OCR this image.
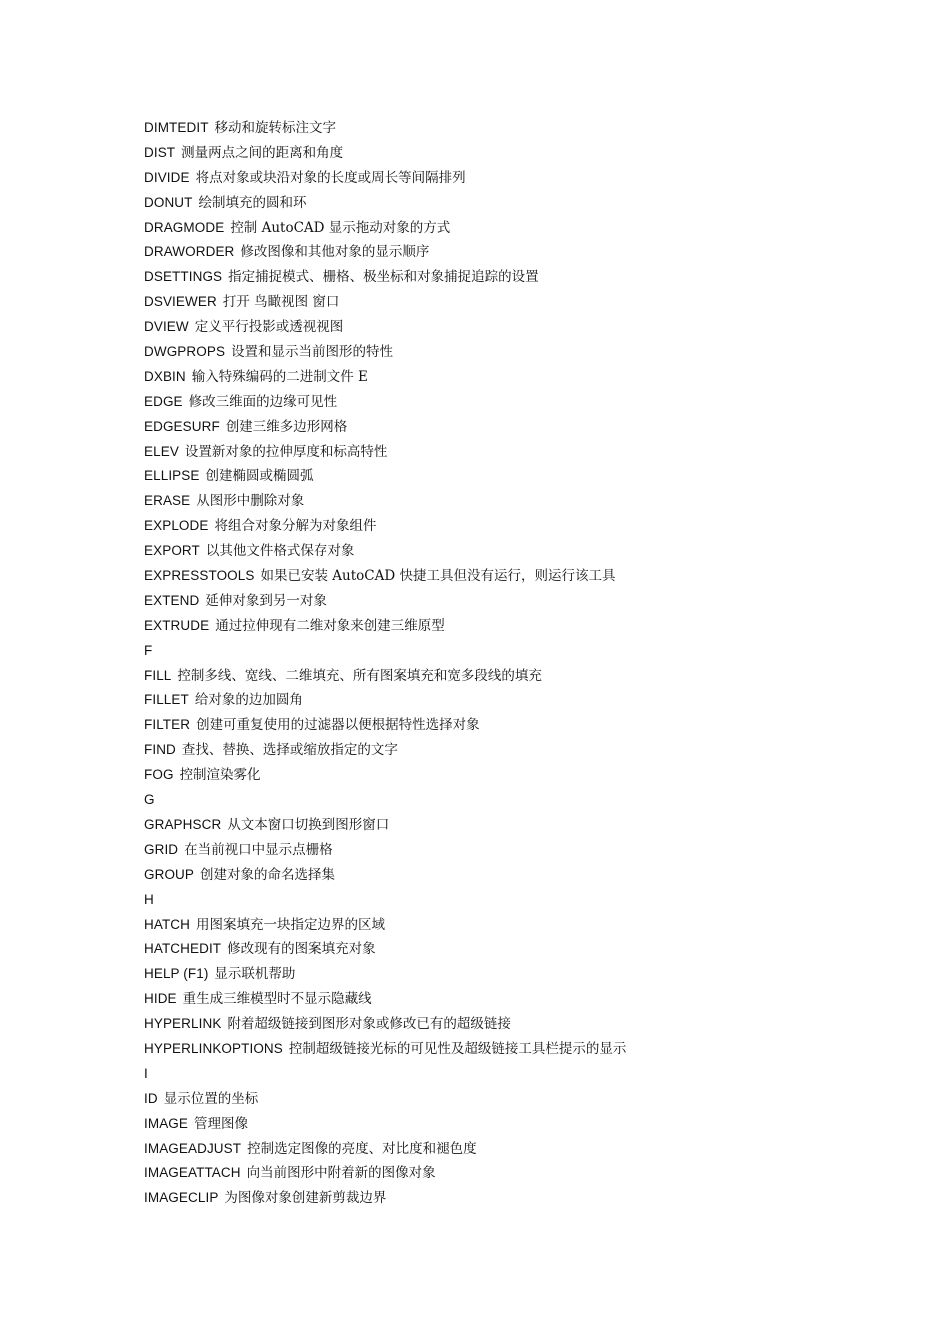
DIMTEDIT 移动和旋转标注文字
DIST 测量两点之间的距离和角度
DIVIDE 将点对象或块沿对象的长度或周长等间隔排列
DONUT 绘制填充的圆和环
DRAGMODE 控制 AutoCAD 显示拖动对象的方式
DRAWORDER 修改图像和其他对象的显示顺序
DSETTINGS 指定捕捉模式、栅格、极坐标和对象捕捉追踪的设置
DSVIEWER 打开 鸟瞰视图 窗口
DVIEW 定义平行投影或透视视图
DWGPROPS 设置和显示当前图形的特性
DXBIN 输入特殊编码的二进制文件 E
EDGE 修改三维面的边缘可见性
EDGESURF 创建三维多边形网格
ELEV 设置新对象的拉伸厚度和标高特性
ELLIPSE 创建椭圆或椭圆弧
ERASE 从图形中删除对象
EXPLODE 将组合对象分解为对象组件
EXPORT 以其他文件格式保存对象
EXPRESSTOOLS 如果已安装 AutoCAD 快捷工具但没有运行，则运行该工具
EXTEND 延伸对象到另一对象
EXTRUDE 通过拉伸现有二维对象来创建三维原型
F
FILL 控制多线、宽线、二维填充、所有图案填充和宽多段线的填充
FILLET 给对象的边加圆角
FILTER 创建可重复使用的过滤器以便根据特性选择对象
FIND 查找、替换、选择或缩放指定的文字
FOG 控制渲染雾化
G
GRAPHSCR 从文本窗口切换到图形窗口
GRID 在当前视口中显示点栅格
GROUP 创建对象的命名选择集
H
HATCH 用图案填充一块指定边界的区域
HATCHEDIT 修改现有的图案填充对象
HELP (F1) 显示联机帮助
HIDE 重生成三维模型时不显示隐藏线
HYPERLINK 附着超级链接到图形对象或修改已有的超级链接
HYPERLINKOPTIONS 控制超级链接光标的可见性及超级链接工具栏提示的显示
I
ID 显示位置的坐标
IMAGE 管理图像
IMAGEADJUST 控制选定图像的亮度、对比度和褪色度
IMAGEATTACH 向当前图形中附着新的图像对象
IMAGECLIP 为图像对象创建新剪裁边界
